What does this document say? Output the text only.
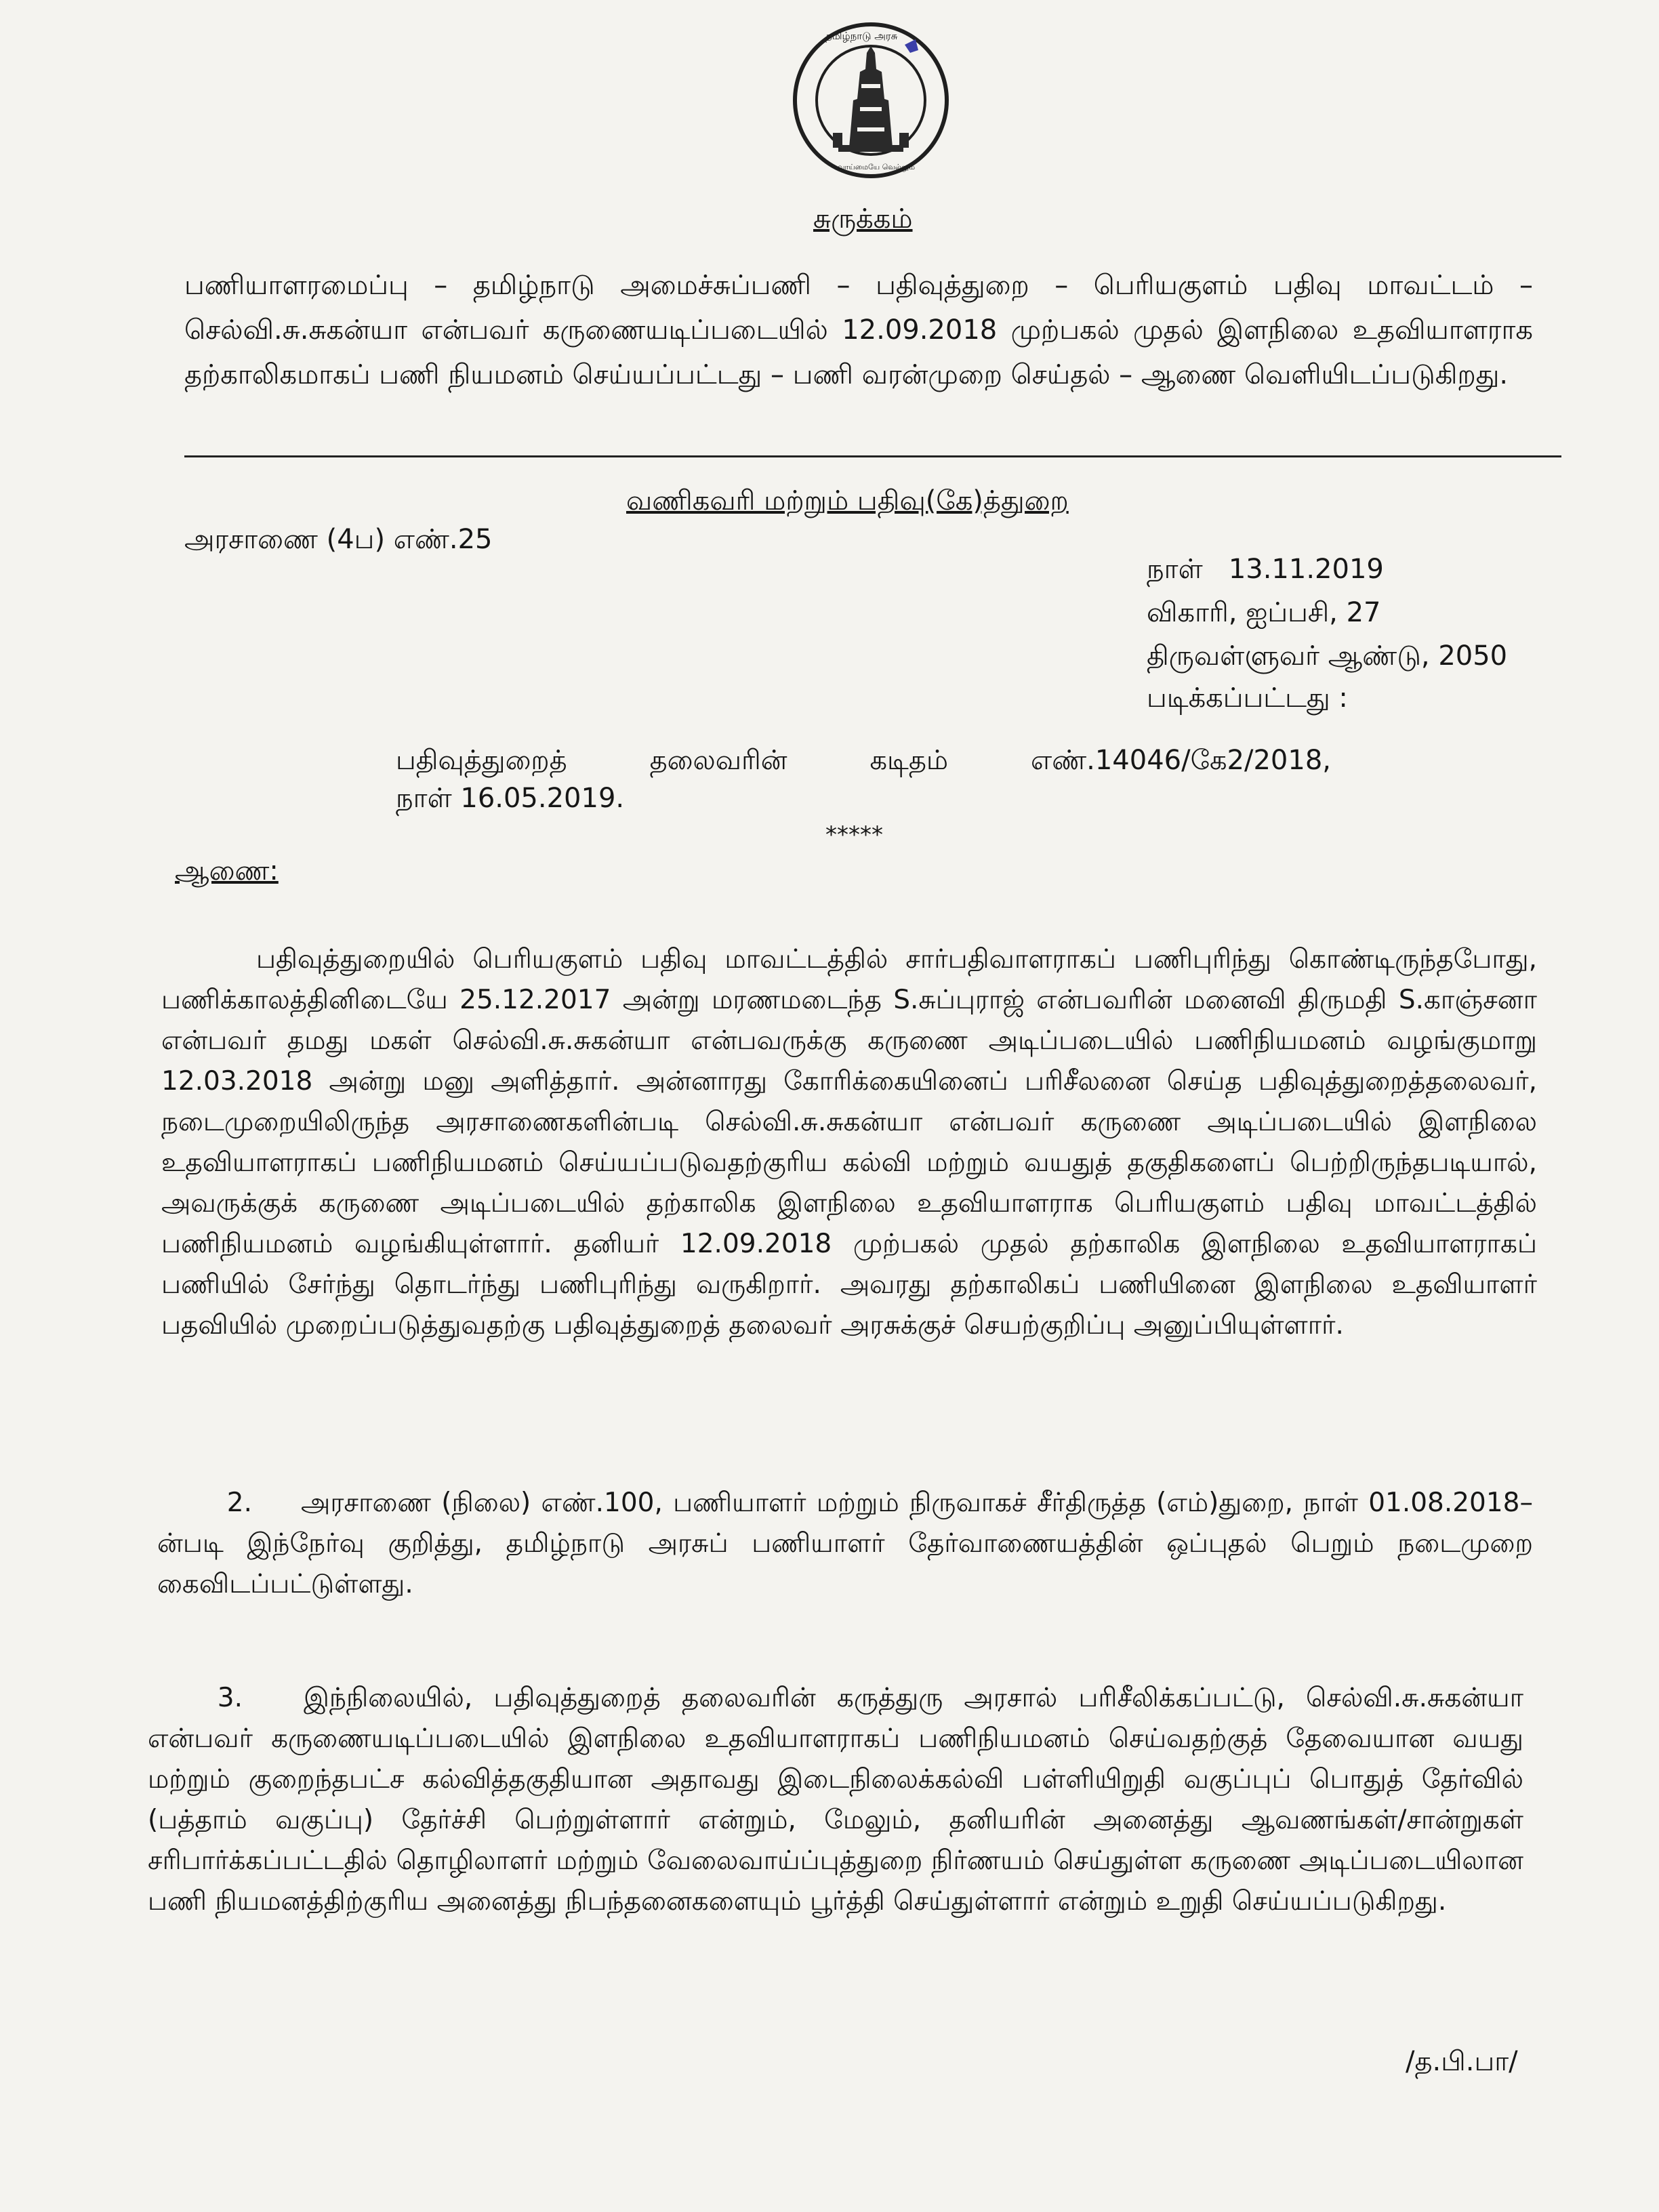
தமிழ்நாடு அரசு
வாய்மையே வெல்லும்
சுருக்கம்
பணியாளரமைப்பு – தமிழ்நாடு அமைச்சுப்பணி – பதிவுத்துறை – பெரியகுளம் பதிவு மாவட்டம் – செல்வி.சு.சுகன்யா என்பவர் கருணையடிப்படையில் 12.09.2018 முற்பகல் முதல் இளநிலை உதவியாளராக தற்காலிகமாகப் பணி நியமனம் செய்யப்பட்டது – பணி வரன்முறை செய்தல் – ஆணை வெளியிடப்படுகிறது.
வணிகவரி மற்றும் பதிவு(கே)த்துறை
அரசாணை (4ப) எண்.25
நாள் 13.11.2019
விகாரி, ஐப்பசி, 27
திருவள்ளுவர் ஆண்டு, 2050
படிக்கப்பட்டது :
பதிவுத்துறைத் தலைவரின் கடிதம் எண்.14046/கே2/2018,
நாள் 16.05.2019.
*****
ஆணை:
பதிவுத்துறையில் பெரியகுளம் பதிவு மாவட்டத்தில் சார்பதிவாளராகப் பணிபுரிந்து கொண்டிருந்தபோது, பணிக்காலத்தினிடையே 25.12.2017 அன்று மரணமடைந்த S.சுப்புராஜ் என்பவரின் மனைவி திருமதி S.காஞ்சனா என்பவர் தமது மகள் செல்வி.சு.சுகன்யா என்பவருக்கு கருணை அடிப்படையில் பணிநியமனம் வழங்குமாறு 12.03.2018 அன்று மனு அளித்தார். அன்னாரது கோரிக்கையினைப் பரிசீலனை செய்த பதிவுத்துறைத்தலைவர், நடைமுறையிலிருந்த அரசாணைகளின்படி செல்வி.சு.சுகன்யா என்பவர் கருணை அடிப்படையில் இளநிலை உதவியாளராகப் பணிநியமனம் செய்யப்படுவதற்குரிய கல்வி மற்றும் வயதுத் தகுதிகளைப் பெற்றிருந்தபடியால், அவருக்குக் கருணை அடிப்படையில் தற்காலிக இளநிலை உதவியாளராக பெரியகுளம் பதிவு மாவட்டத்தில் பணிநியமனம் வழங்கியுள்ளார். தனியர் 12.09.2018 முற்பகல் முதல் தற்காலிக இளநிலை உதவியாளராகப் பணியில் சேர்ந்து தொடர்ந்து பணிபுரிந்து வருகிறார். அவரது தற்காலிகப் பணியினை இளநிலை உதவியாளர் பதவியில் முறைப்படுத்துவதற்கு பதிவுத்துறைத் தலைவர் அரசுக்குச் செயற்குறிப்பு அனுப்பியுள்ளார்.
2. அரசாணை (நிலை) எண்.100, பணியாளர் மற்றும் நிருவாகச் சீர்திருத்த (எம்)துறை, நாள் 01.08.2018–ன்படி இந்நேர்வு குறித்து, தமிழ்நாடு அரசுப் பணியாளர் தேர்வாணையத்தின் ஒப்புதல் பெறும் நடைமுறை கைவிடப்பட்டுள்ளது.
3. இந்நிலையில், பதிவுத்துறைத் தலைவரின் கருத்துரு அரசால் பரிசீலிக்கப்பட்டு, செல்வி.சு.சுகன்யா என்பவர் கருணையடிப்படையில் இளநிலை உதவியாளராகப் பணிநியமனம் செய்வதற்குத் தேவையான வயது மற்றும் குறைந்தபட்ச கல்வித்தகுதியான அதாவது இடைநிலைக்கல்வி பள்ளியிறுதி வகுப்புப் பொதுத் தேர்வில் (பத்தாம் வகுப்பு) தேர்ச்சி பெற்றுள்ளார் என்றும், மேலும், தனியரின் அனைத்து ஆவணங்கள்/சான்றுகள் சரிபார்க்கப்பட்டதில் தொழிலாளர் மற்றும் வேலைவாய்ப்புத்துறை நிர்ணயம் செய்துள்ள கருணை அடிப்படையிலான பணி நியமனத்திற்குரிய அனைத்து நிபந்தனைகளையும் பூர்த்தி செய்துள்ளார் என்றும் உறுதி செய்யப்படுகிறது.
/த.பி.பா/
